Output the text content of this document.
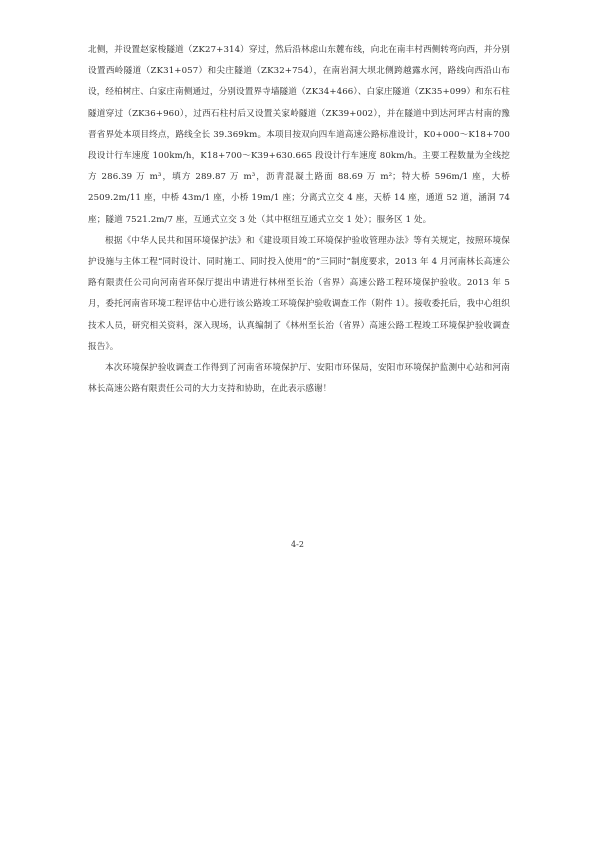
北侧，并设置赵家梭隧道（ZK27+314）穿过，然后沿林虑山东麓布线，向北在南丰村西侧转弯向西，并分别设置西岭隧道（ZK31+057）和尖庄隧道（ZK32+754），在南岩洞大坝北侧跨越露水河，路线向西沿山布设，经柏树庄、白家庄南侧通过，分别设置界寺墙隧道（ZK34+466）、白家庄隧道（ZK35+099）和东石柱隧道穿过（ZK36+960），过西石柱村后又设置关家岭隧道（ZK39+002），并在隧道中到达河坪古村南的豫晋省界处本项目终点，路线全长 39.369km。本项目按双向四车道高速公路标准设计，K0+000～K18+700 段设计行车速度 100km/h，K18+700～K39+630.665 段设计行车速度 80km/h。主要工程数量为全线挖方 286.39 万 m³，填方 289.87 万 m³，沥青混凝土路面 88.69 万 m²；特大桥 596m/1 座，大桥 2509.2m/11 座，中桥 43m/1 座，小桥 19m/1 座；分离式立交 4 座，天桥 14 座，通道 52 道，涵洞 74 座；隧道 7521.2m/7 座，互通式立交 3 处（其中枢纽互通式立交 1 处）；服务区 1 处。

根据《中华人民共和国环境保护法》和《建设项目竣工环境保护验收管理办法》等有关规定，按照环境保护设施与主体工程“同时设计、同时施工、同时投入使用”的“三同时”制度要求，2013 年 4 月河南林长高速公路有限责任公司向河南省环保厅提出申请进行林州至长治（省界）高速公路工程环境保护验收。2013 年 5 月，委托河南省环境工程评估中心进行该公路竣工环境保护验收调查工作（附件 1）。接收委托后，我中心组织技术人员，研究相关资料，深入现场，认真编制了《林州至长治（省界）高速公路工程竣工环境保护验收调查报告》。

本次环境保护验收调查工作得到了河南省环境保护厅、安阳市环保局，安阳市环境保护监测中心站和河南林长高速公路有限责任公司的大力支持和协助，在此表示感谢！

4-2
